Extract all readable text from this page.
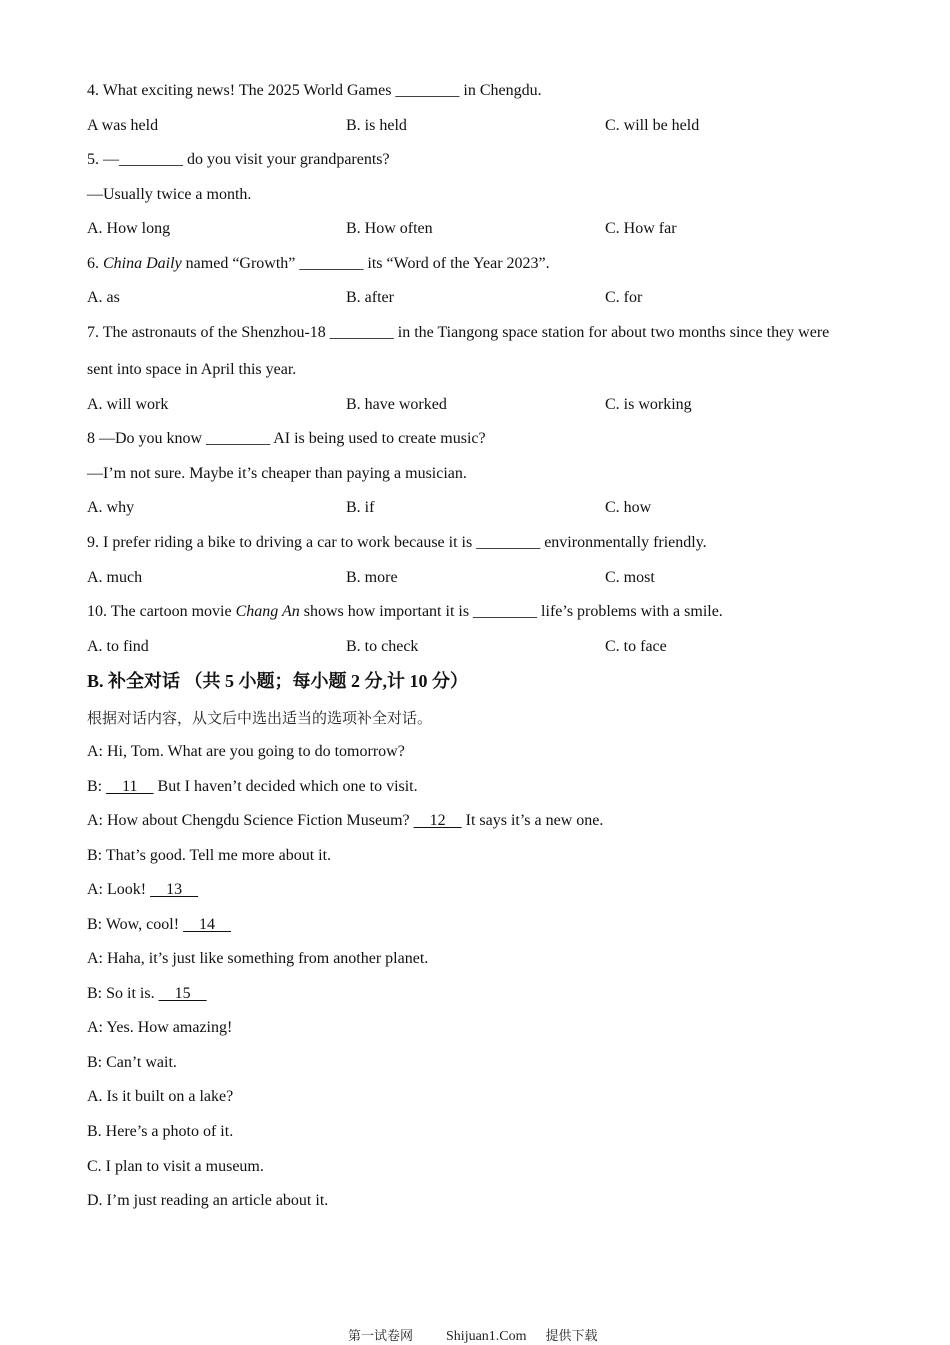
4. What exciting news! The 2025 World Games ________ in Chengdu.
A was held	B. is held	C. will be held
5. —________ do you visit your grandparents?
—Usually twice a month.
A. How long	B. How often	C. How far
6. China Daily named “Growth” ________ its “Word of the Year 2023”.
A. as	B. after	C. for
7. The astronauts of the Shenzhou-18 ________ in the Tiangong space station for about two months since they were
sent into space in April this year.
A. will work	B. have worked	C. is working
8 —Do you know ________ AI is being used to create music?
—I’m not sure. Maybe it’s cheaper than paying a musician.
A. why	B. if	C. how
9. I prefer riding a bike to driving a car to work because it is ________ environmentally friendly.
A. much	B. more	C. most
10. The cartoon movie Chang An shows how important it is ________ life’s problems with a smile.
A. to find	B. to check	C. to face
B. 补全对话 （共 5 小题；每小题 2 分,计 10 分）
根据对话内容，从文后中选出适当的选项补全对话。
A: Hi, Tom. What are you going to do tomorrow?
B:     11     But I haven’t decided which one to visit.
A: How about Chengdu Science Fiction Museum?     12     It says it’s a new one.
B: That’s good. Tell me more about it.
A: Look!     13
B: Wow, cool!     14
A: Haha, it’s just like something from another planet.
B: So it is.     15
A: Yes. How amazing!
B: Can’t wait.
A. Is it built on a lake?
B. Here’s a photo of it.
C. I plan to visit a museum.
D. I’m just reading an article about it.
第一试卷网 Shijuan1.Com 提供下载
